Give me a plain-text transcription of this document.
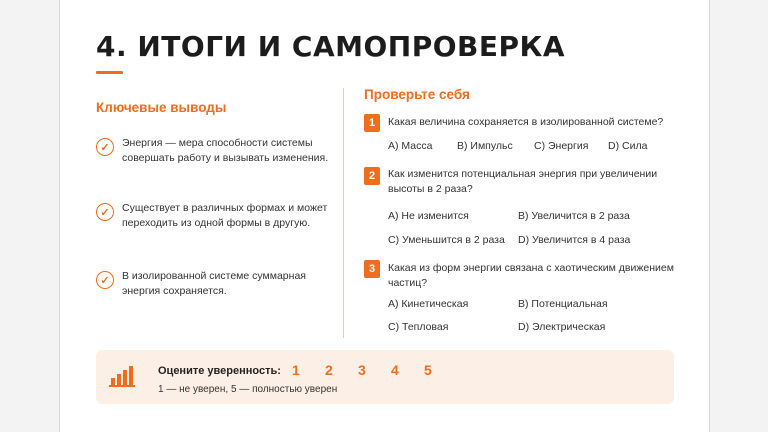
4. ИТОГИ И САМОПРОВЕРКА
Ключевые выводы
✓	Энергия — мера способности системы совершать работу и вызывать изменения.
✓	Существует в различных формах и может переходить из одной формы в другую.
✓	В изолированной системе суммарная энергия сохраняется.
Проверьте себя
1	Какая величина сохраняется в изолированной системе?
A) Масса B) Импульс C) Энергия D) Сила
2	Как изменится потенциальная энергия при увеличении высоты в 2 раза?
A) Не изменится	B) Увеличится в 2 раза
C) Уменьшится в 2 раза D) Увеличится в 4 раза
3	Какая из форм энергии связана с хаотическим движением частиц?
A) Кинетическая	B) Потенциальная
C) Тепловая	D) Электрическая
Оцените уверенность: 1 2 3 4 5
1 — не уверен, 5 — полностью уверен
